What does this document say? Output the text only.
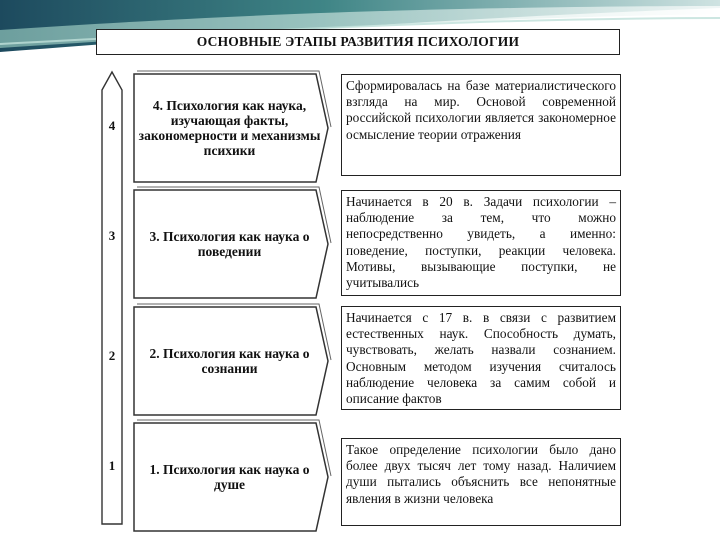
ОСНОВНЫЕ ЭТАПЫ РАЗВИТИЯ ПСИХОЛОГИИ
4
3
2
1
4. Психология как наука, изучающая факты, закономерности и механизмы психики
Сформировалась на базе материалистического взгляда на мир. Основой современной российской психологии является закономерное осмысление теории отражения
3. Психология как наука о поведении
Начинается в 20 в. Задачи психологии – наблюдение за тем, что можно непосредственно увидеть, а именно: поведение, поступки, реакции человека. Мотивы, вызывающие поступки, не учитывались
2. Психология как наука о сознании
Начинается с 17 в. в связи с развитием естественных наук. Способность думать, чувствовать, желать назвали сознанием. Основным методом изучения считалось наблюдение человека за самим собой и описание фактов
1. Психология как наука о душе
Такое определение психологии было дано более двух тысяч лет тому назад. Наличием души пытались объяснить все непонятные явления в жизни человека
